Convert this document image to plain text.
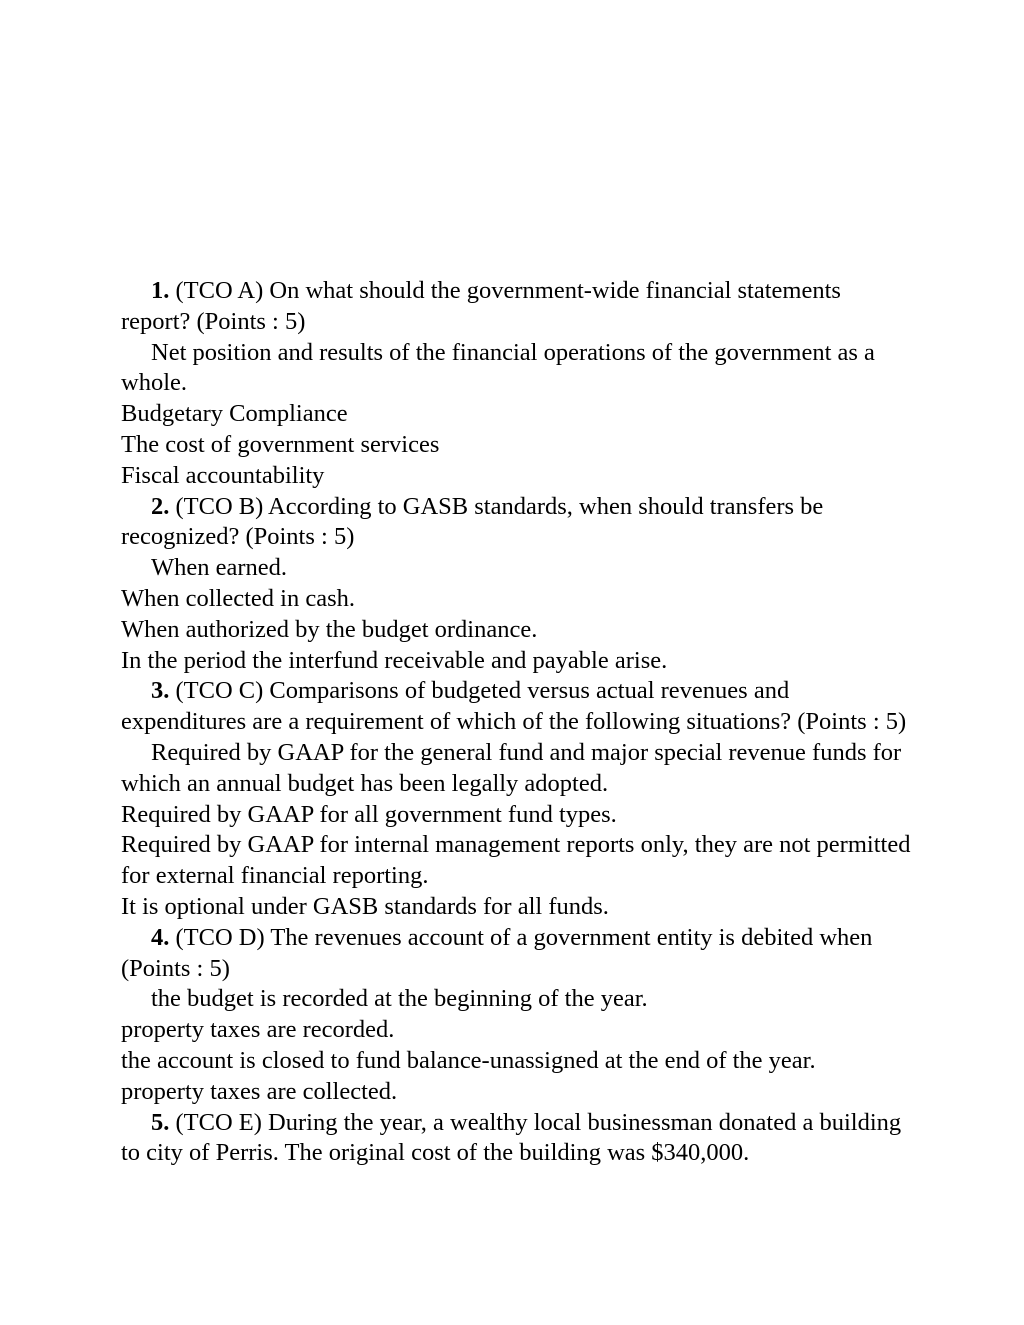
1. (TCO A) On what should the government-wide financial statements report? (Points : 5)

Net position and results of the financial operations of the government as a whole.

Budgetary Compliance

The cost of government services

Fiscal accountability

2. (TCO B) According to GASB standards, when should transfers be recognized? (Points : 5)

When earned.

When collected in cash.

When authorized by the budget ordinance.

In the period the interfund receivable and payable arise.

3. (TCO C) Comparisons of budgeted versus actual revenues and expenditures are a requirement of which of the following situations? (Points : 5)

Required by GAAP for the general fund and major special revenue funds for which an annual budget has been legally adopted.

Required by GAAP for all government fund types.

Required by GAAP for internal management reports only, they are not permitted for external financial reporting.

It is optional under GASB standards for all funds.

4. (TCO D) The revenues account of a government entity is debited when (Points : 5)

the budget is recorded at the beginning of the year.

property taxes are recorded.

the account is closed to fund balance-unassigned at the end of the year.

property taxes are collected.

5. (TCO E) During the year, a wealthy local businessman donated a building to city of Perris. The original cost of the building was $340,000.
